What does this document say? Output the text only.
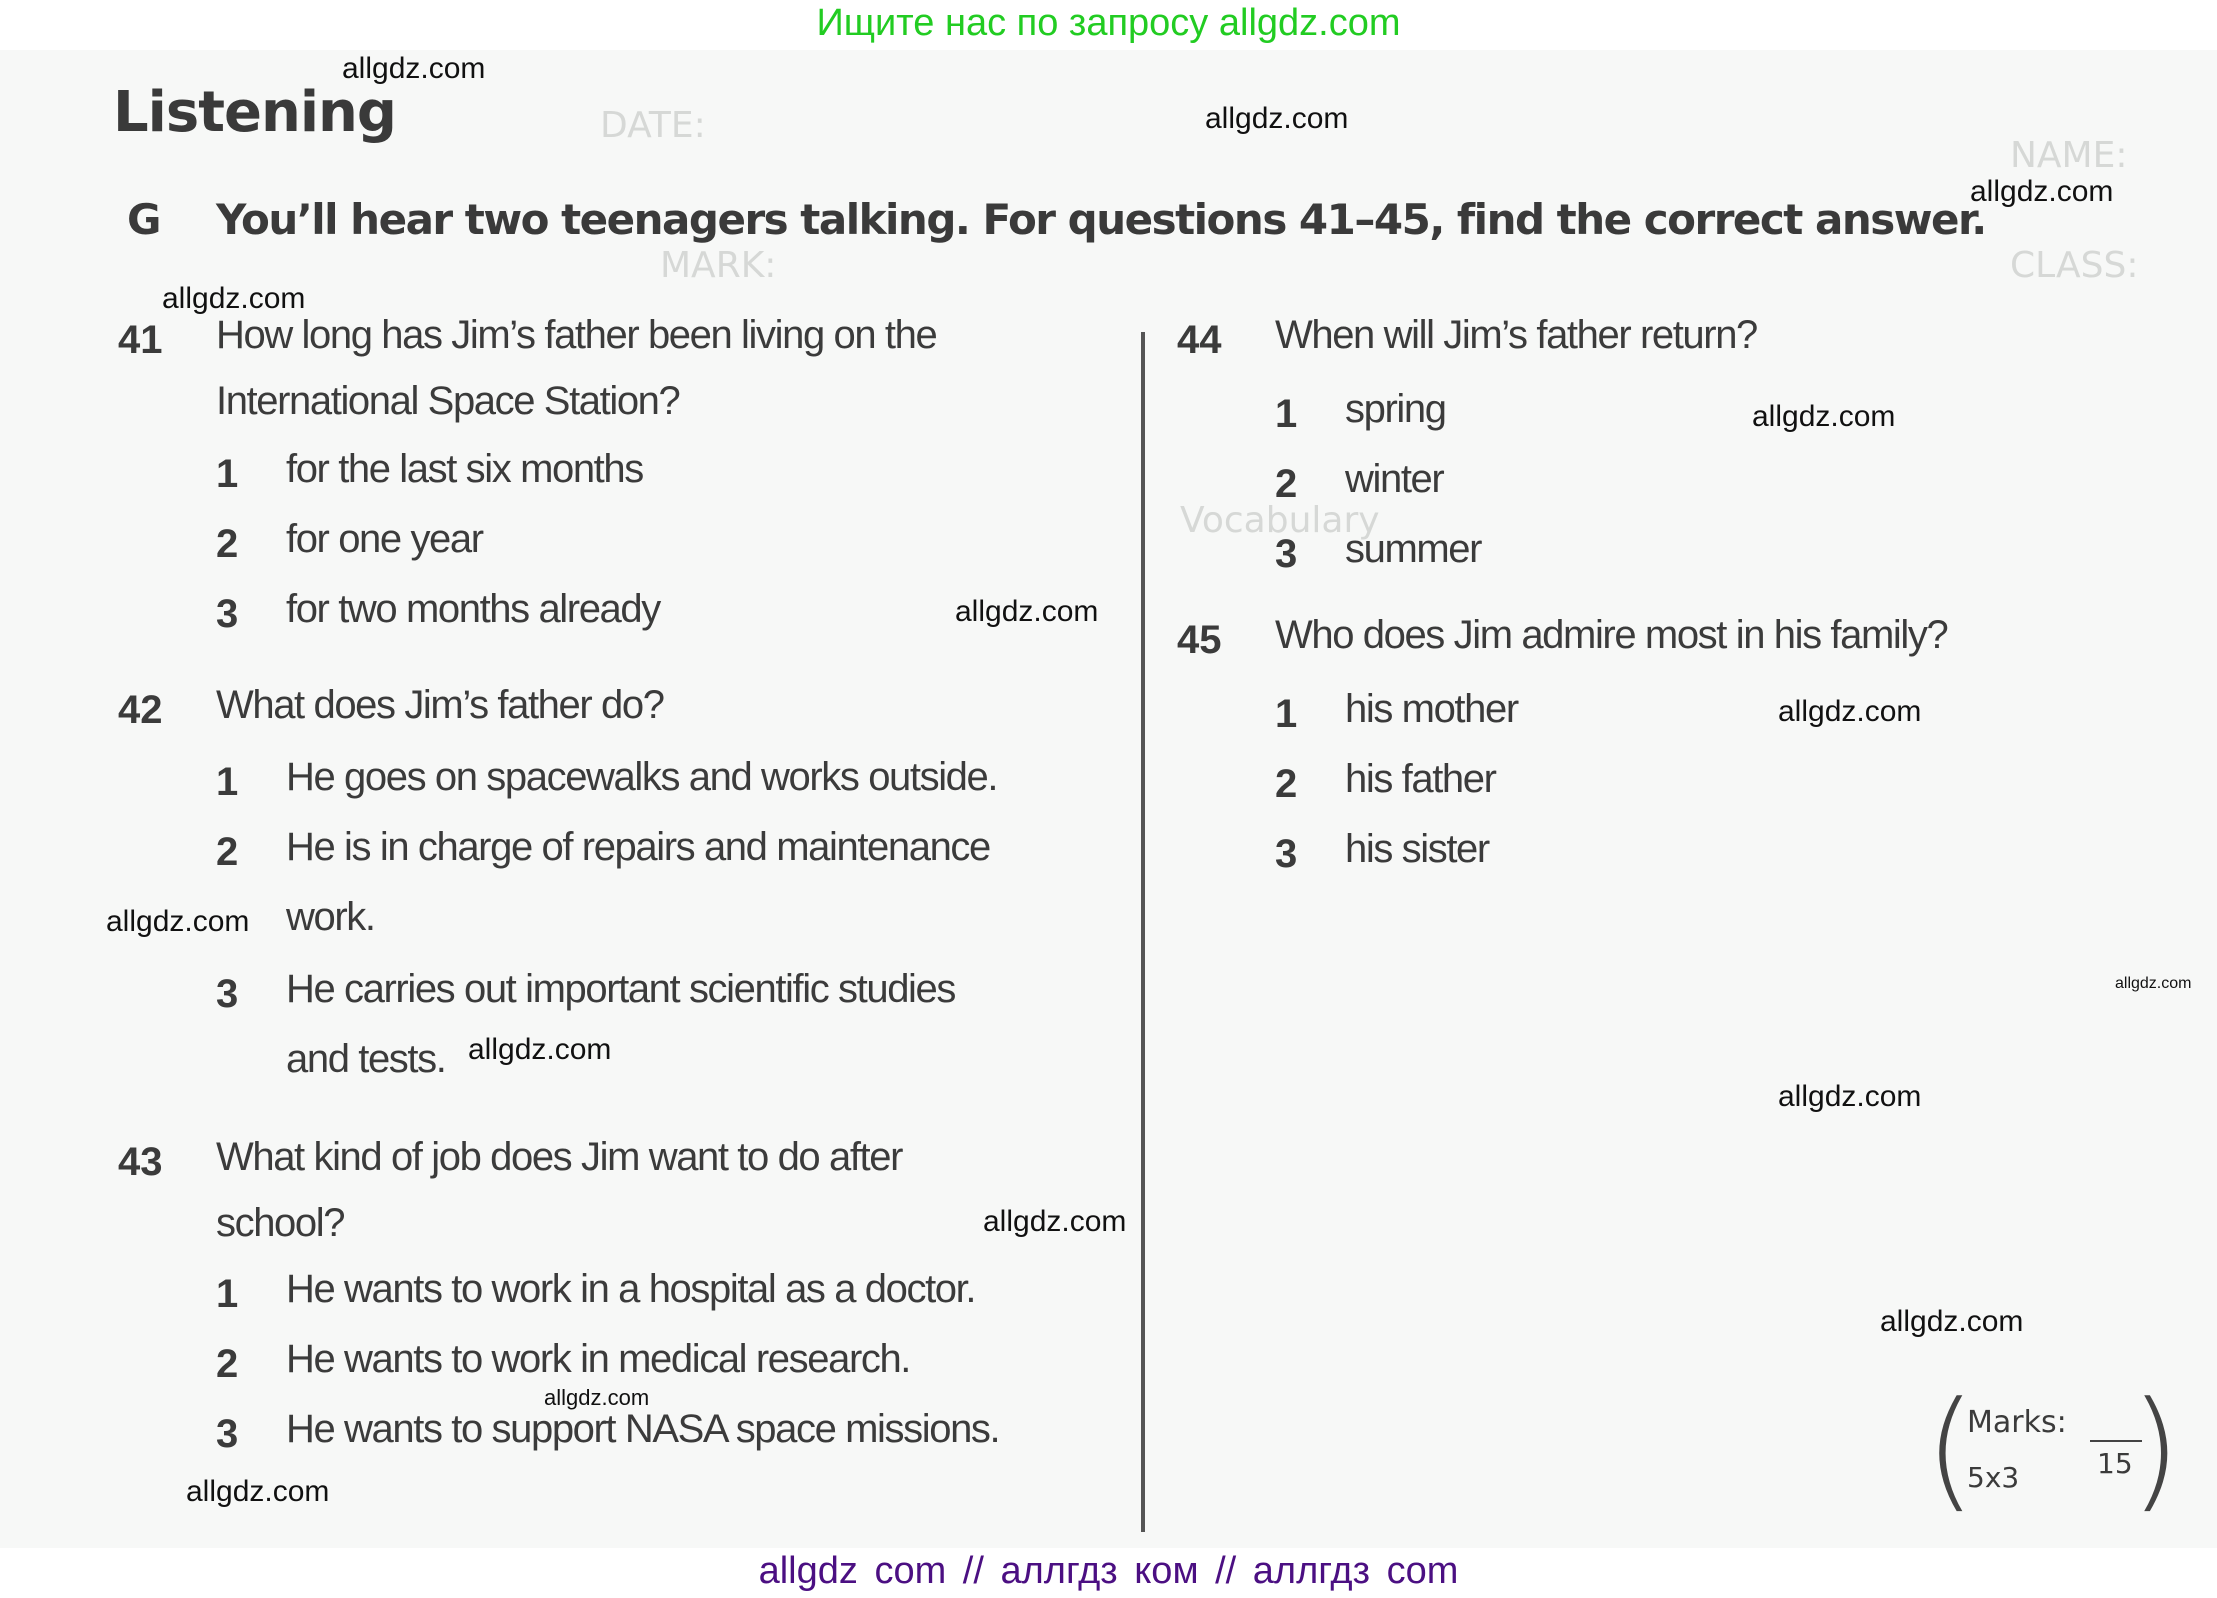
Ищите нас по запросу allgdz.com
DATE:
NAME:
MARK:	CLASS:
Vocabulary
Listening
G You’ll hear two teenagers talking. For questions 41–45, find the correct answer.
41 How long has Jim’s father been living on the
International Space Station?
1 for the last six months
2 for one year
3 for two months already
42 What does Jim’s father do?
1 He goes on spacewalks and works outside.
2 He is in charge of repairs and maintenance
work.
3 He carries out important scientific studies
and tests.
43 What kind of job does Jim want to do after
school?
1 He wants to work in a hospital as a doctor.
2 He wants to work in medical research.
3 He wants to support NASA space missions.
44 When will Jim’s father return?
1 spring
2 winter
3 summer
45 Who does Jim admire most in his family?
1 his mother
2 his father
3 his sister
(
Marks:
15
5x3 )
allgdz.com
allgdz.com
allgdz.com
allgdz.com
allgdz.com
allgdz.com
allgdz.com
allgdz.com
allgdz.com
allgdz.com
allgdz.com
allgdz.com
allgdz.com
allgdz.com
allgdz.com
allgdz com // аллгдз ком // аллгдз com
